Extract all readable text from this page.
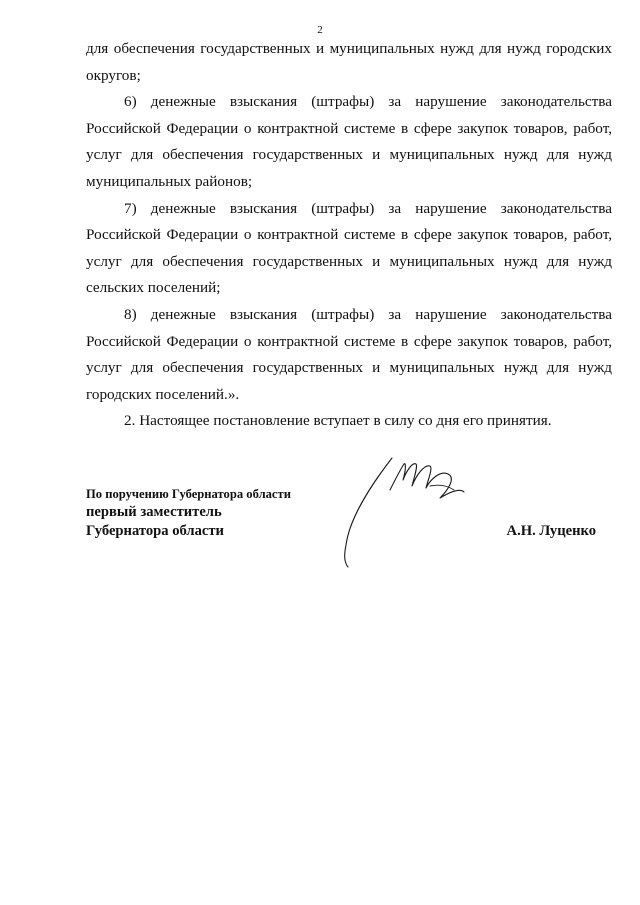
2

для обеспечения государственных и муниципальных нужд для нужд городских округов;

6) денежные взыскания (штрафы) за нарушение законодательства Российской Федерации о контрактной системе в сфере закупок товаров, работ, услуг для обеспечения государственных и муниципальных нужд для нужд муниципальных районов;

7) денежные взыскания (штрафы) за нарушение законодательства Российской Федерации о контрактной системе в сфере закупок товаров, работ, услуг для обеспечения государственных и муниципальных нужд для нужд сельских поселений;

8) денежные взыскания (штрафы) за нарушение законодательства Российской Федерации о контрактной системе в сфере закупок товаров, работ, услуг для обеспечения государственных и муниципальных нужд для нужд городских поселений.».

2. Настоящее постановление вступает в силу со дня его принятия.

По поручению Губернатора области
первый заместитель
Губернатора области	А.Н. Луценко
